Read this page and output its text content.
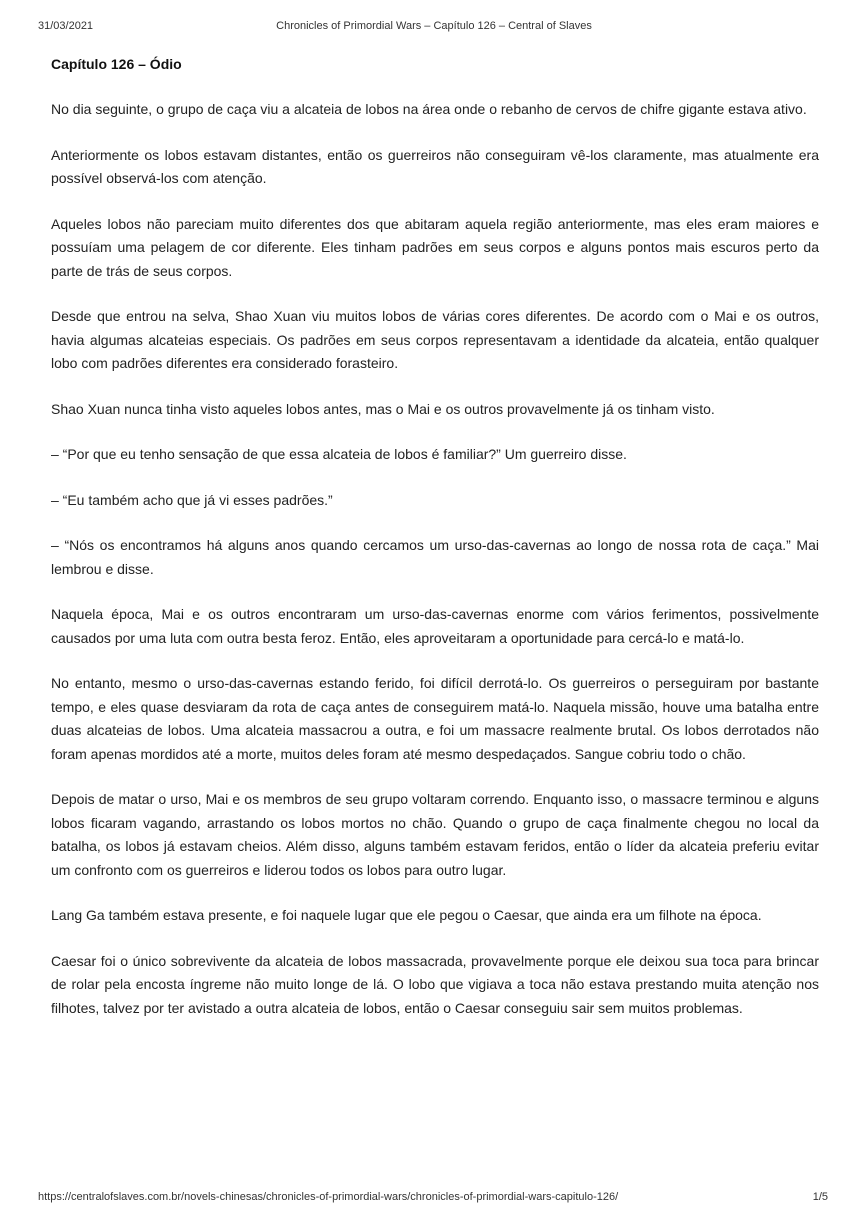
31/03/2021	Chronicles of Primordial Wars – Capítulo 126 – Central of Slaves
Capítulo 126 – Ódio

No dia seguinte, o grupo de caça viu a alcateia de lobos na área onde o rebanho de cervos de chifre gigante estava ativo.

Anteriormente os lobos estavam distantes, então os guerreiros não conseguiram vê-los claramente, mas atualmente era possível observá-los com atenção.

Aqueles lobos não pareciam muito diferentes dos que abitaram aquela região anteriormente, mas eles eram maiores e possuíam uma pelagem de cor diferente. Eles tinham padrões em seus corpos e alguns pontos mais escuros perto da parte de trás de seus corpos.

Desde que entrou na selva, Shao Xuan viu muitos lobos de várias cores diferentes. De acordo com o Mai e os outros, havia algumas alcateias especiais. Os padrões em seus corpos representavam a identidade da alcateia, então qualquer lobo com padrões diferentes era considerado forasteiro.

Shao Xuan nunca tinha visto aqueles lobos antes, mas o Mai e os outros provavelmente já os tinham visto.

– “Por que eu tenho sensação de que essa alcateia de lobos é familiar?” Um guerreiro disse.

– “Eu também acho que já vi esses padrões.”

– “Nós os encontramos há alguns anos quando cercamos um urso-das-cavernas ao longo de nossa rota de caça.” Mai lembrou e disse.

Naquela época, Mai e os outros encontraram um urso-das-cavernas enorme com vários ferimentos, possivelmente causados por uma luta com outra besta feroz. Então, eles aproveitaram a oportunidade para cercá-lo e matá-lo.

No entanto, mesmo o urso-das-cavernas estando ferido, foi difícil derrotá-lo. Os guerreiros o perseguiram por bastante tempo, e eles quase desviaram da rota de caça antes de conseguirem matá-lo. Naquela missão, houve uma batalha entre duas alcateias de lobos. Uma alcateia massacrou a outra, e foi um massacre realmente brutal. Os lobos derrotados não foram apenas mordidos até a morte, muitos deles foram até mesmo despedaçados. Sangue cobriu todo o chão.

Depois de matar o urso, Mai e os membros de seu grupo voltaram correndo. Enquanto isso, o massacre terminou e alguns lobos ficaram vagando, arrastando os lobos mortos no chão. Quando o grupo de caça finalmente chegou no local da batalha, os lobos já estavam cheios. Além disso, alguns também estavam feridos, então o líder da alcateia preferiu evitar um confronto com os guerreiros e liderou todos os lobos para outro lugar.

Lang Ga também estava presente, e foi naquele lugar que ele pegou o Caesar, que ainda era um filhote na época.

Caesar foi o único sobrevivente da alcateia de lobos massacrada, provavelmente porque ele deixou sua toca para brincar de rolar pela encosta íngreme não muito longe de lá. O lobo que vigiava a toca não estava prestando muita atenção nos filhotes, talvez por ter avistado a outra alcateia de lobos, então o Caesar conseguiu sair sem muitos problemas.

https://centralofslaves.com.br/novels-chinesas/chronicles-of-primordial-wars/chronicles-of-primordial-wars-capitulo-126/	1/5
